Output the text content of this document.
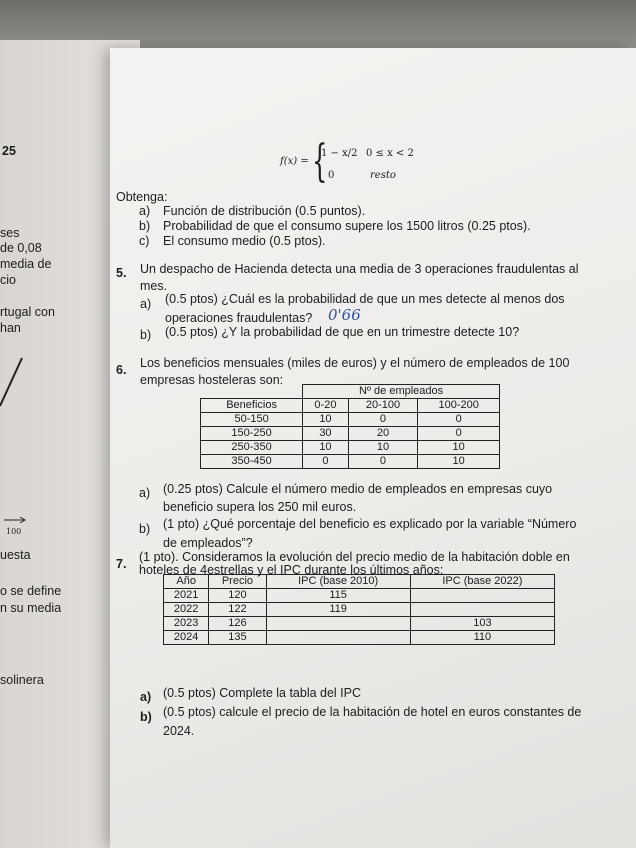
25
ses
de 0,08
media de
cio
rtugal con
han
100
uesta
o se define
n su media
solinera
f(x) = {
1 − x/2 0 ≤ x < 2
0	resto
Obtenga:
a) Función de distribución (0.5 puntos).
b) Probabilidad de que el consumo supere los 1500 litros (0.25 ptos).
c) El consumo medio (0.5 ptos).
5. Un despacho de Hacienda detecta una media de 3 operaciones fraudulentas al
mes.
a) (0.5 ptos) ¿Cuál es la probabilidad de que un mes detecte al menos dos
operaciones fraudulentas? 0'66
b) (0.5 ptos) ¿Y la probabilidad de que en un trimestre detecte 10?
6. Los beneficios mensuales (miles de euros) y el número de empleados de 100
empresas hosteleras son:
	Nº de empleados		
Beneficios	0-20	20-100	100-200
50-150	10	0	0
150-250	30	20	0
250-350	10	10	10
350-450	0	0	10
a) (0.25 ptos) Calcule el número medio de empleados en empresas cuyo
beneficio supera los 250 mil euros.
b) (1 pto) ¿Qué porcentaje del beneficio es explicado por la variable “Número
de empleados”?
7. (1 pto). Consideramos la evolución del precio medio de la habitación doble en
hoteles de 4estrellas y el IPC durante los últimos años:
Año	Precio	IPC (base 2010)	IPC (base 2022)
2021	120	115	
2022	122	119	
2023	126		103
2024	135		110
a) (0.5 ptos) Complete la tabla del IPC
b) (0.5 ptos) calcule el precio de la habitación de hotel en euros constantes de
2024.
